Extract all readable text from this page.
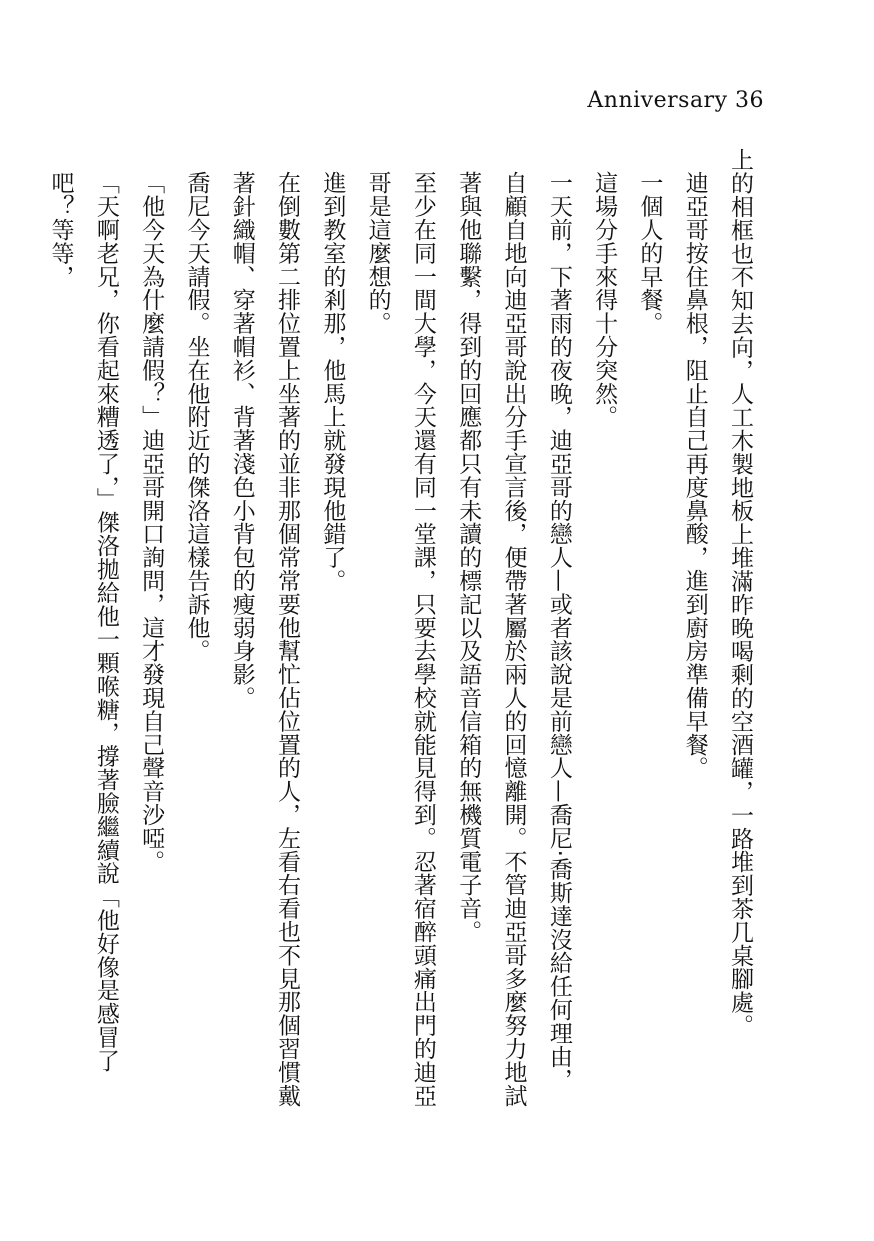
Anniversary 36

上的相框也不知去向，人工木製地板上堆滿昨晚喝剩的空酒罐，一路堆到茶几桌腳處。

迪亞哥按住鼻根，阻止自己再度鼻酸，進到廚房準備早餐。

一個人的早餐。

這場分手來得十分突然。

一天前，下著雨的夜晚，迪亞哥的戀人—或者該說是前戀人—喬尼‧喬斯達沒給任何理由，自顧自地向迪亞哥說出分手宣言後，便帶著屬於兩人的回憶離開。不管迪亞哥多麼努力地試著與他聯繫，得到的回應都只有未讀的標記以及語音信箱的無機質電子音。

至少在同一間大學，今天還有同一堂課，只要去學校就能見得到。忍著宿醉頭痛出門的迪亞哥是這麼想的。

進到教室的剎那，他馬上就發現他錯了。

在倒數第二排位置上坐著的並非那個常常要他幫忙佔位置的人，左看右看也不見那個習慣戴著針織帽、穿著帽衫、背著淺色小背包的瘦弱身影。

喬尼今天請假。坐在他附近的傑洛這樣告訴他。

「他今天為什麼請假？」迪亞哥開口詢問，這才發現自己聲音沙啞。

「天啊老兄，你看起來糟透了，」傑洛拋給他一顆喉糖，撐著臉繼續說「他好像是感冒了吧？等等，
